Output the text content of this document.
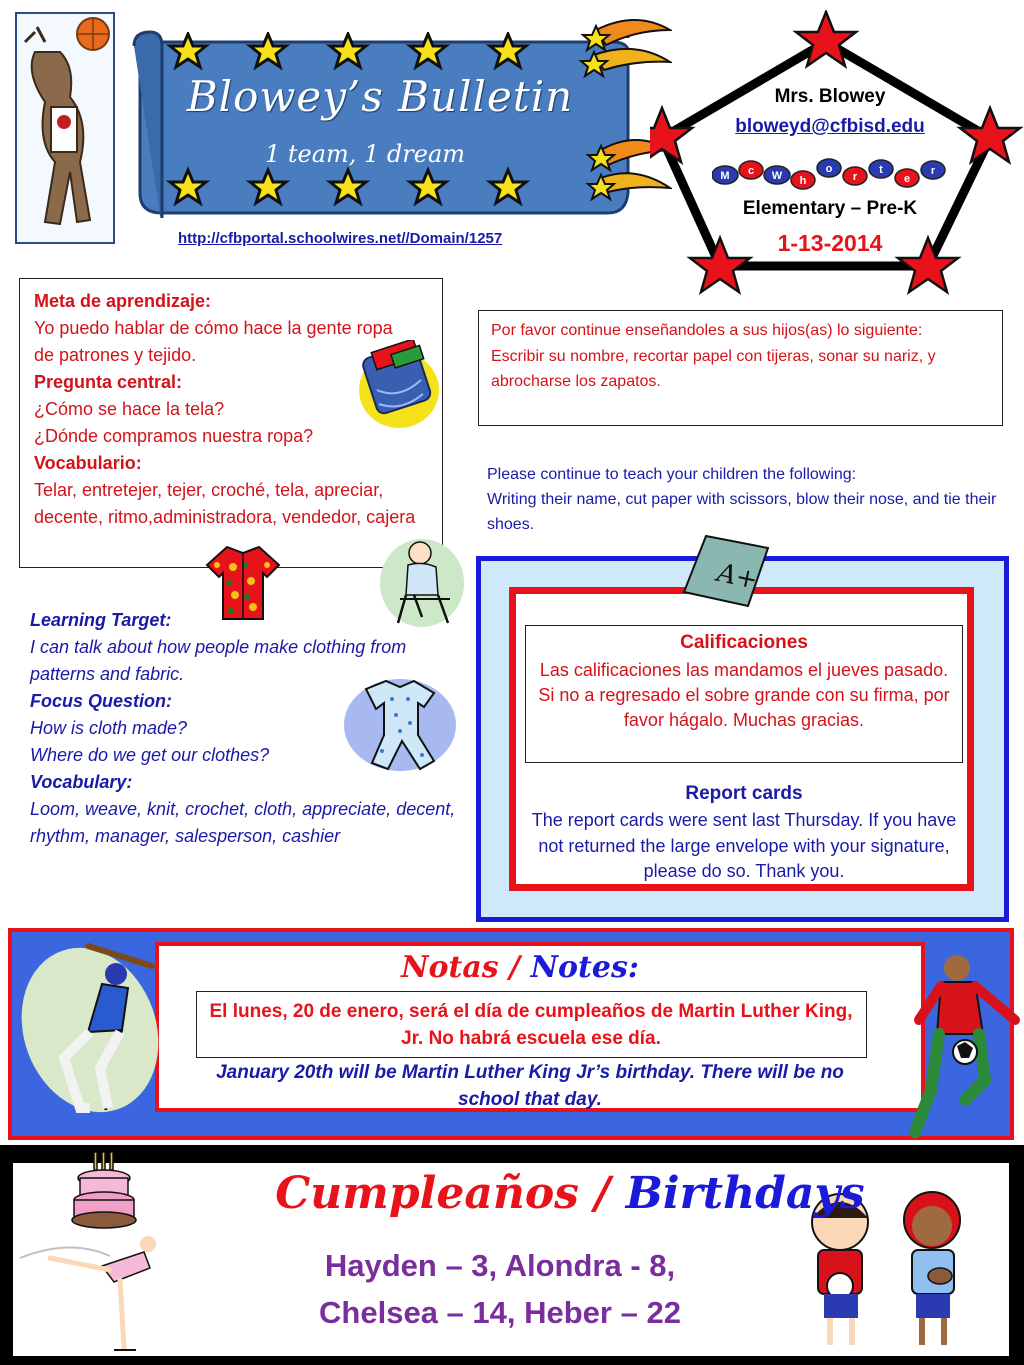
Blowey’s Bulletin
1 team, 1 dream
http://cfbportal.schoolwires.net//Domain/1257
Mrs. Blowey
bloweyd@cfbisd.edu
M c W h
o
r
t
e
r
Elementary – Pre-K
1-13-2014
Meta de aprendizaje:
Yo puedo hablar de cómo hace la gente ropa de patrones y tejido.
Pregunta central:
¿Cómo se hace la tela?
¿Dónde compramos nuestra ropa?
Vocabulario:
Telar, entretejer, tejer, croché, tela, apreciar, decente, ritmo,administradora, vendedor, cajera
Learning Target:
I can talk about how people make clothing from patterns and fabric.
Focus Question:
How is cloth made?
Where do we get our clothes?
Vocabulary:
Loom, weave, knit, crochet, cloth, appreciate, decent, rhythm, manager, salesperson, cashier
Por favor continue enseñandoles a sus hijos(as) lo siguiente:
Escribir su nombre, recortar papel con tijeras, sonar su nariz, y abrocharse los zapatos.
Please continue to teach your children the following:
Writing their name, cut paper with scissors, blow their nose, and tie their shoes.
A+
Calificaciones
Las calificaciones las mandamos el jueves pasado. Si no a regresado el sobre grande con su firma, por favor hágalo. Muchas gracias.
Report cards
The report cards were sent last Thursday. If you have not returned the large envelope with your signature, please do so. Thank you.
Notas / Notes:
El lunes, 20 de enero, será el día de cumpleaños de Martin Luther King, Jr. No habrá escuela ese día.
January 20th will be Martin Luther King Jr’s birthday. There will be no school that day.
Cumpleaños / Birthdays
Hayden – 3, Alondra - 8,
Chelsea – 14, Heber – 22
